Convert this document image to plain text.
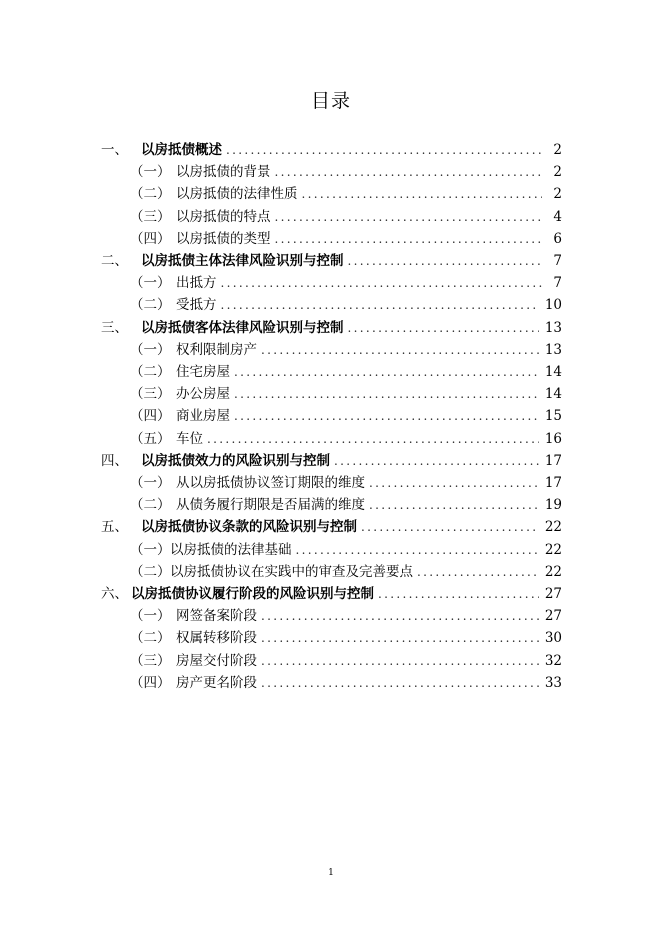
目录
一、 以房抵债概述 .....	2
（一） 以房抵债的背景 .....	2
（二） 以房抵债的法律性质 .....	2
（三） 以房抵债的特点 .....	4
（四） 以房抵债的类型 .....	6
二、 以房抵债主体法律风险识别与控制 .....	7
（一） 出抵方 .....	7
（二） 受抵方 .....	10
三、 以房抵债客体法律风险识别与控制 .....	13
（一） 权利限制房产 .....	13
（二） 住宅房屋 .....	14
（三） 办公房屋 .....	14
（四） 商业房屋 .....	15
（五） 车位 .....	16
四、 以房抵债效力的风险识别与控制 .....	17
（一） 从以房抵债协议签订期限的维度 .....	17
（二） 从债务履行期限是否届满的维度 .....	19
五、 以房抵债协议条款的风险识别与控制 .....	22
（一） 以房抵债的法律基础 .....	22
（二） 以房抵债协议在实践中的审查及完善要点 .....	22
六、 以房抵债协议履行阶段的风险识别与控制 .....	27
（一） 网签备案阶段 .....	27
（二） 权属转移阶段 .....	30
（三） 房屋交付阶段 .....	32
（四） 房产更名阶段 .....	33
1
